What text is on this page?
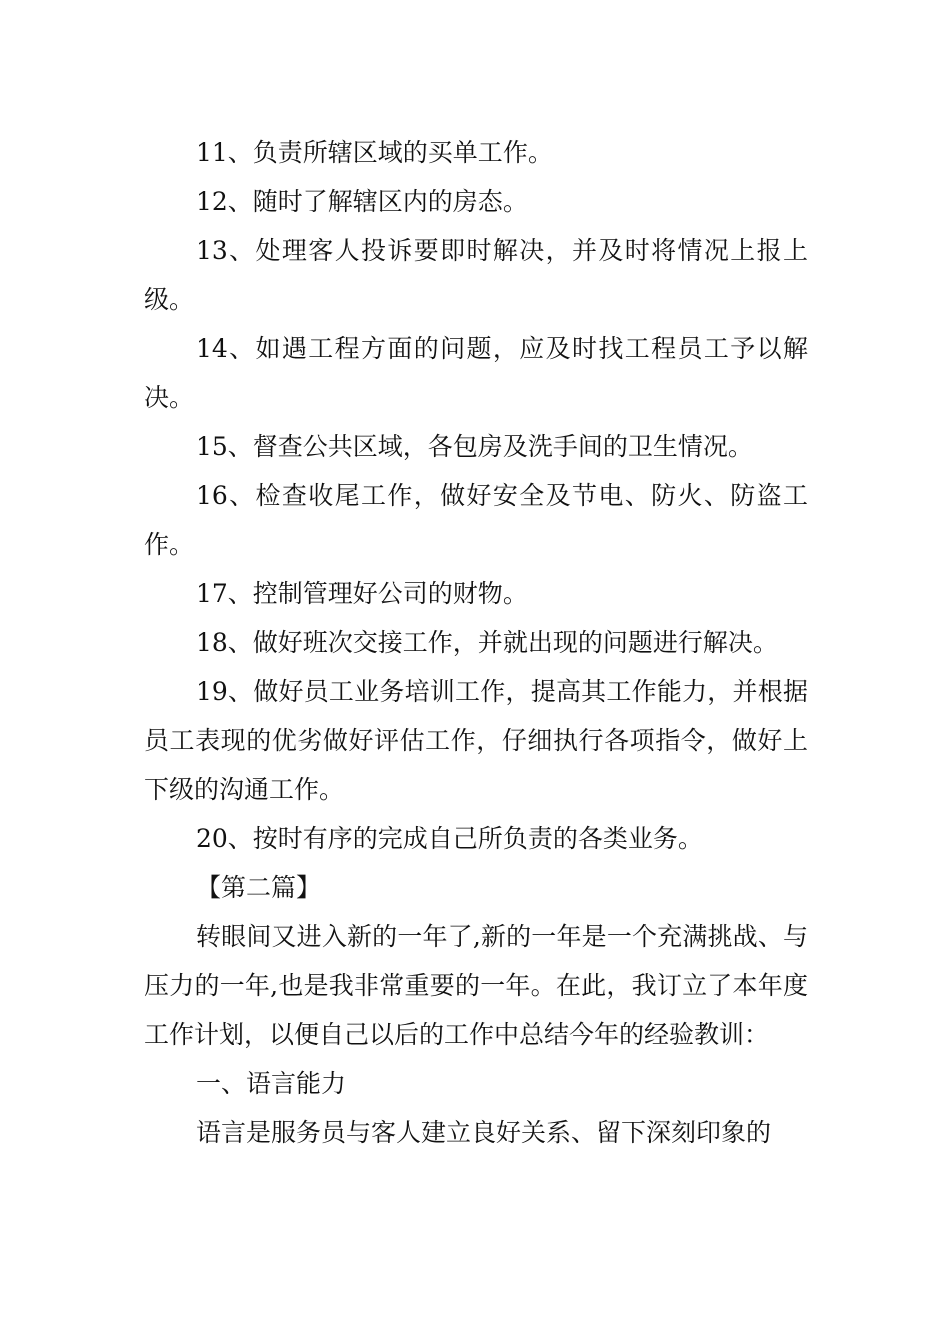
11、负责所辖区域的买单工作。

12、随时了解辖区内的房态。

13、处理客人投诉要即时解决，并及时将情况上报上级。

14、如遇工程方面的问题，应及时找工程员工予以解决。

15、督查公共区域，各包房及洗手间的卫生情况。

16、检查收尾工作，做好安全及节电、防火、防盗工作。

17、控制管理好公司的财物。

18、做好班次交接工作，并就出现的问题进行解决。

19、做好员工业务培训工作，提高其工作能力，并根据员工表现的优劣做好评估工作，仔细执行各项指令，做好上下级的沟通工作。

20、按时有序的完成自己所负责的各类业务。

【第二篇】

转眼间又进入新的一年了,新的一年是一个充满挑战、与压力的一年,也是我非常重要的一年。在此，我订立了本年度工作计划，以便自己以后的工作中总结今年的经验教训：

一、语言能力

语言是服务员与客人建立良好关系、留下深刻印象的
